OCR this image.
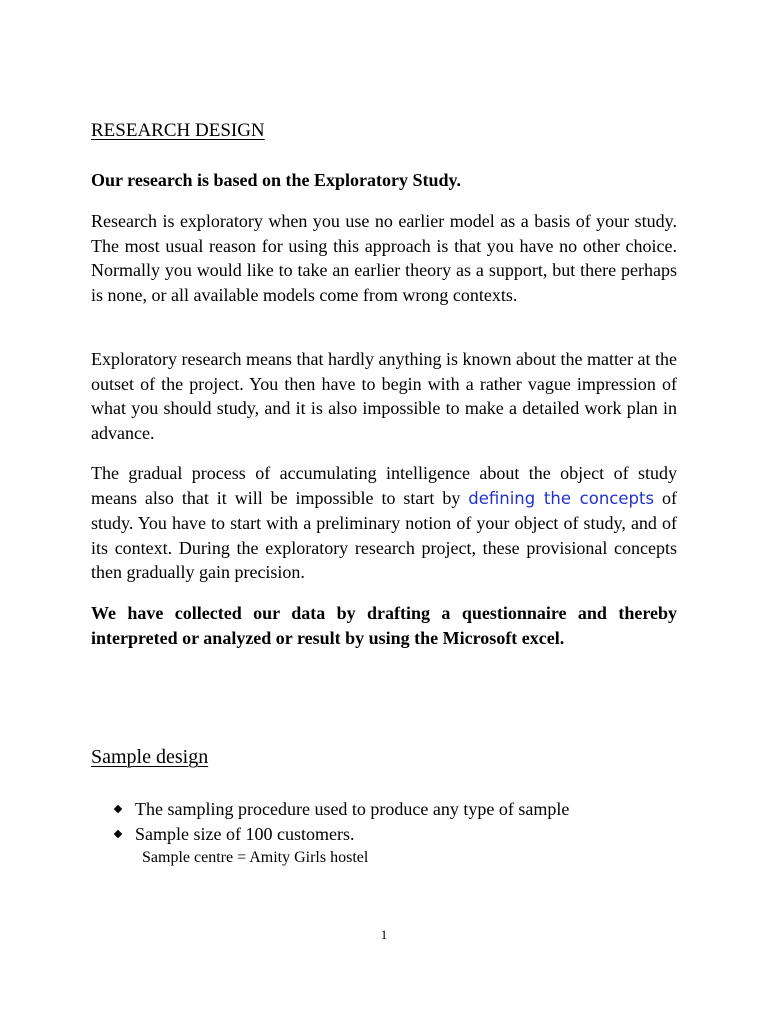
RESEARCH DESIGN

Our research is based on the Exploratory Study.

Research is exploratory when you use no earlier model as a basis of your study. The most usual reason for using this approach is that you have no other choice. Normally you would like to take an earlier theory as a support, but there perhaps is none, or all available models come from wrong contexts.

Exploratory research means that hardly anything is known about the matter at the outset of the project. You then have to begin with a rather vague impression of what you should study, and it is also impossible to make a detailed work plan in advance.

The gradual process of accumulating intelligence about the object of study means also that it will be impossible to start by defining the concepts of study. You have to start with a preliminary notion of your object of study, and of its context. During the exploratory research project, these provisional concepts then gradually gain precision.

We have collected our data by drafting a questionnaire and thereby interpreted or analyzed or result by using the Microsoft excel.

Sample design
The sampling procedure used to produce any type of sample
Sample size of 100 customers.

Sample centre = Amity Girls hostel

1
